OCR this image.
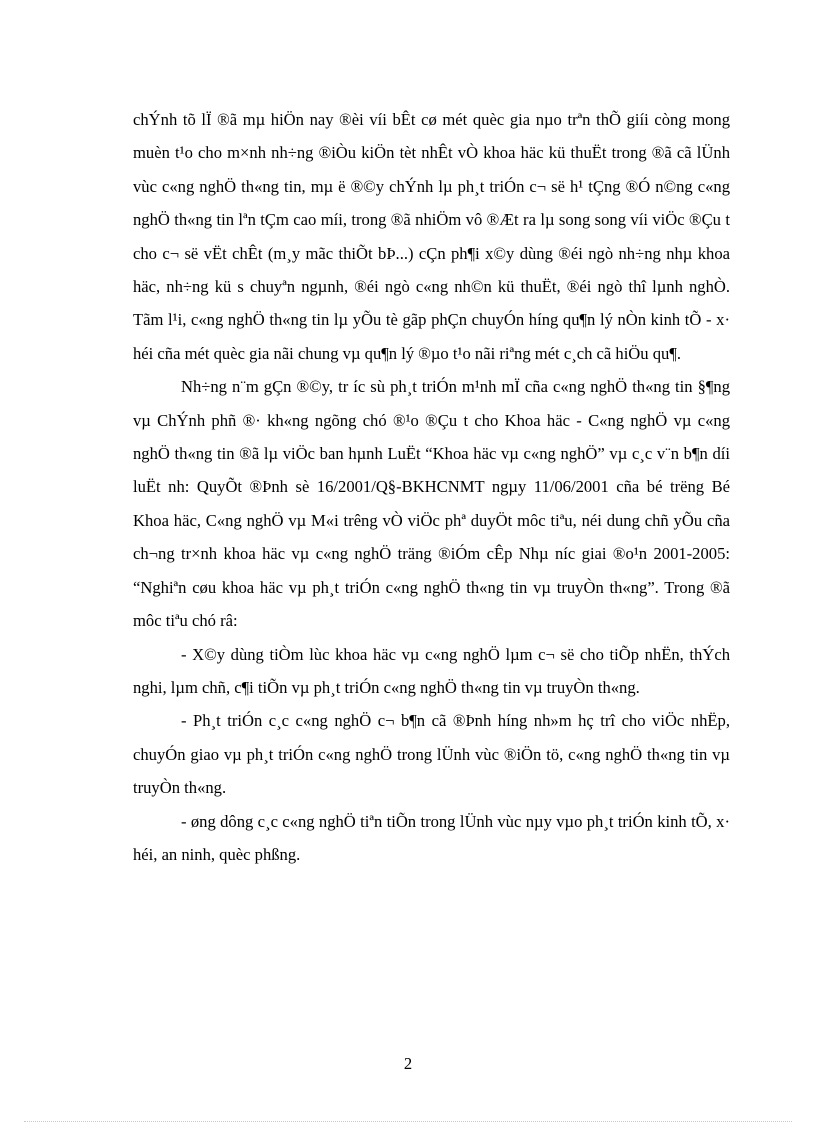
chÝnh tõ lÏ ®ã mµ hiÖn nay ®èi víi bÊt cø mét quèc gia nµo trªn thÕ giíi còng mong muèn t¹o cho m×nh nh÷ng ®iÒu kiÖn tèt nhÊt vÒ khoa häc kü thuËt trong ®ã cã lÜnh vùc c«ng nghÖ th«ng tin, mµ ë ®©y chÝnh lµ ph¸t triÓn c¬ së h¹ tÇng ®Ó n©ng c«ng nghÖ th«ng tin lªn tÇm cao míi, trong ®ã nhiÖm vô ®Æt ra lµ song song víi viÖc ®Çu t cho c¬ së vËt chÊt (m¸y mãc thiÕt bÞ...) cÇn ph¶i x©y dùng ®éi ngò nh÷ng nhµ khoa häc, nh÷ng kü s chuyªn ngµnh, ®éi ngò c«ng nh©n kü thuËt, ®éi ngò thî lµnh nghÒ. Tãm l¹i, c«ng nghÖ th«ng tin lµ yÕu tè gãp phÇn chuyÓn híng qu¶n lý nÒn kinh tÕ - x· héi cña mét quèc gia nãi chung vµ qu¶n lý ®µo t¹o nãi riªng mét c¸ch cã hiÖu qu¶.

Nh÷ng n¨m gÇn ®©y, tr íc sù ph¸t triÓn m¹nh mÏ cña c«ng nghÖ th«ng tin §¶ng vµ ChÝnh phñ ®· kh«ng ngõng chó ®¹o ®Çu t cho Khoa häc - C«ng nghÖ vµ c«ng nghÖ th«ng tin ®ã lµ viÖc ban hµnh LuËt “Khoa häc vµ c«ng nghÖ” vµ c¸c v¨n b¶n díi luËt nh: QuyÕt ®Þnh sè 16/2001/Q§-BKHCNMT ngµy 11/06/2001 cña bé trëng Bé Khoa häc, C«ng nghÖ vµ M«i trêng vÒ viÖc phª duyÖt môc tiªu, néi dung chñ yÕu cña ch¬ng tr×nh khoa häc vµ c«ng nghÖ träng ®iÓm cÊp Nhµ níc giai ®o¹n 2001-2005: “Nghiªn cøu khoa häc vµ ph¸t triÓn c«ng nghÖ th«ng tin vµ truyÒn th«ng”. Trong ®ã môc tiªu chó râ:

- X©y dùng tiÒm lùc khoa häc vµ c«ng nghÖ lµm c¬ së cho tiÕp nhËn, thÝch nghi, lµm chñ, c¶i tiÕn vµ ph¸t triÓn c«ng nghÖ th«ng tin vµ truyÒn th«ng.

- Ph¸t triÓn c¸c c«ng nghÖ c¬ b¶n cã ®Þnh híng nh»m hç trî cho viÖc nhËp, chuyÓn giao vµ ph¸t triÓn c«ng nghÖ trong lÜnh vùc ®iÖn tö, c«ng nghÖ th«ng tin vµ truyÒn th«ng.

- øng dông c¸c c«ng nghÖ tiªn tiÕn trong lÜnh vùc nµy vµo ph¸t triÓn kinh tÕ, x· héi, an ninh, quèc phßng.

2
